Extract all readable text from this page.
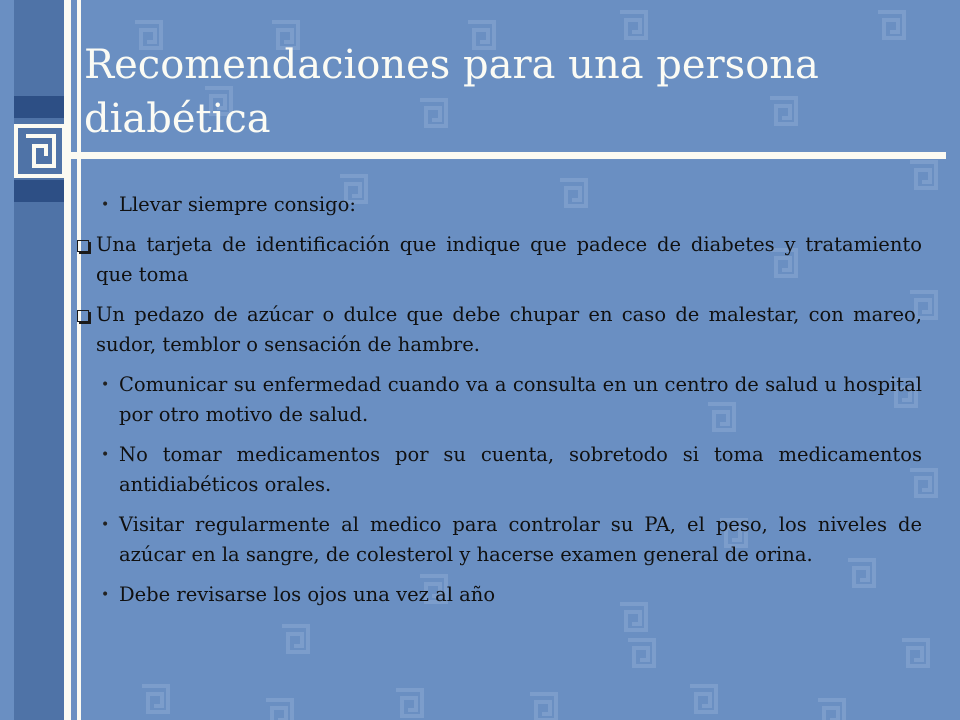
Recomendaciones para una persona diabética
• Llevar siempre consigo:
Una tarjeta de identificación que indique que padece de diabetes y tratamiento que toma
Un pedazo de azúcar o dulce que debe chupar en caso de malestar, con mareo, sudor, temblor o sensación de hambre.
• Comunicar su enfermedad cuando va a consulta en un centro de salud u hospital por otro motivo de salud.
• No tomar medicamentos por su cuenta, sobretodo si toma medicamentos antidiabéticos orales.
• Visitar regularmente al medico para controlar su PA, el peso, los niveles de azúcar en la sangre, de colesterol y hacerse examen general de orina.
• Debe revisarse los ojos una vez al año
